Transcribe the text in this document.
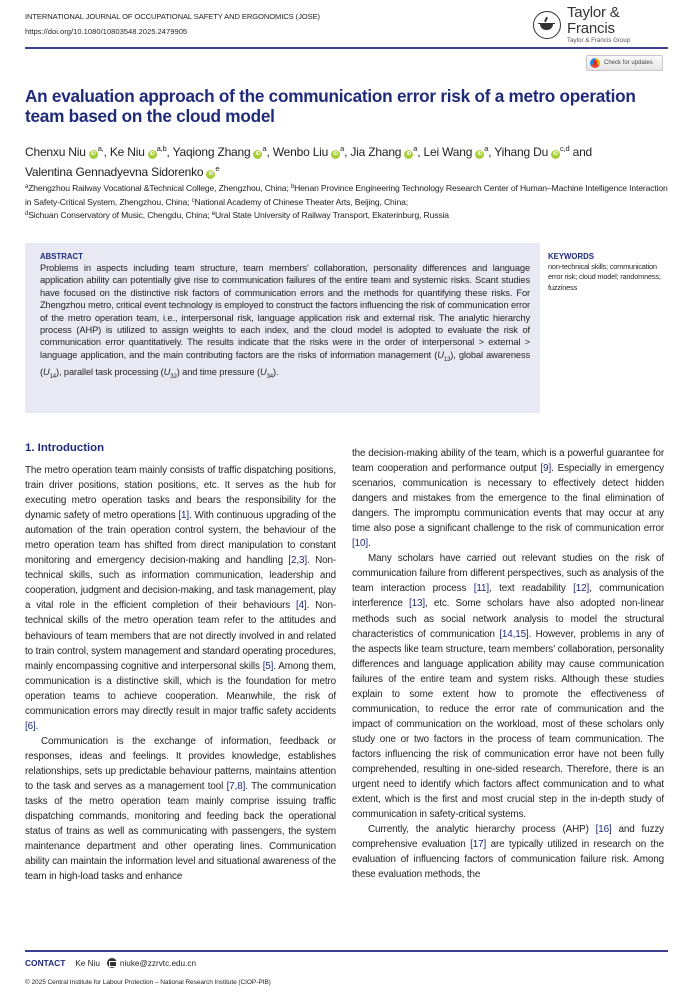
INTERNATIONAL JOURNAL OF OCCUPATIONAL SAFETY AND ERGONOMICS (JOSE)
https://doi.org/10.1080/10803548.2025.2479905
Taylor & Francis
Taylor & Francis Group
Check for updates
An evaluation approach of the communication error risk of a metro operation team based on the cloud model
Chenxu Niu $iD^{a,}$, Ke Niu iD$^{a,b}$, Yaqiong Zhang $iD^a$, Wenbo Liu $iD^a$, Jia Zhang $iD^a$, Lei Wang $iD^a$, Yihang Du iD$^{c,d}$ and
Valentina Gennadyevna Sidorenko $iD^e$
$^a$Zhengzhou Railway Vocational &Technical College, Zhengzhou, China; $^b$Henan Province Engineering Technology Research Center of Human–Machine Intelligence Interaction in Safety-Critical System, Zhengzhou, China; $^c$National Academy of Chinese Theater Arts, Beijing, China;
$^d$Sichuan Conservatory of Music, Chengdu, China; $^e$Ural State University of Railway Transport, Ekaterinburg, Russia
ABSTRACT
Problems in aspects including team structure, team members’ collaboration, personality differences and language application ability can potentially give rise to communication failures of the entire team and systemic risks. Scant studies have focused on the distinctive risk factors of communication errors and the methods for quantifying these risks. For Zhengzhou metro, critical event technology is employed to construct the factors influencing the risk of communication error of the metro operation team, i.e., interpersonal risk, language application risk and external risk. The analytic hierarchy process (AHP) is utilized to assign weights to each index, and the cloud model is adopted to evaluate the risk of communication error quantitatively. The results indicate that the risks were in the order of interpersonal > external > language application, and the main contributing factors are the risks of information management $(U_{13})$, global awareness $(U_{14})$, parallel task processing $(U_{32})$ and time pressure $(U_{34})$.
KEYWORDS
non-technical skills; communication error risk; cloud model; randomness; fuzziness
1. Introduction

The metro operation team mainly consists of traffic dispatching positions, train driver positions, station positions, etc. It serves as the hub for executing metro operation tasks and bears the responsibility for the dynamic safety of metro operations [1]. With continuous upgrading of the automation of the train operation control system, the behaviour of the metro operation team has shifted from direct manipulation to constant monitoring and emergency decision-making and handling [2,3]. Non-technical skills, such as information communication, leadership and cooperation, judgment and decision-making, and task management, play a vital role in the efficient completion of their behaviours [4]. Non-technical skills of the metro operation team refer to the attitudes and behaviours of team members that are not directly involved in and related to train control, system management and standard operating procedures, mainly encompassing cognitive and interpersonal skills [5]. Among them, communication is a distinctive skill, which is the foundation for metro operation teams to achieve cooperation. Meanwhile, the risk of communication errors may directly result in major traffic safety accidents [6].

Communication is the exchange of information, feedback or responses, ideas and feelings. It provides knowledge, establishes relationships, sets up predictable behaviour patterns, maintains attention to the task and serves as a management tool [7,8]. The communication tasks of the metro operation team mainly comprise issuing traffic dispatching commands, monitoring and feeding back the operational status of trains as well as communicating with passengers, the system maintenance department and other operating lines. Communication ability can maintain the information level and situational awareness of the team in high-load tasks and enhance

the decision-making ability of the team, which is a powerful guarantee for team cooperation and performance output [9]. Especially in emergency scenarios, communication is necessary to effectively detect hidden dangers and mistakes from the emergence to the final elimination of dangers. The impromptu communication events that may occur at any time also pose a significant challenge to the risk of communication error [10].

Many scholars have carried out relevant studies on the risk of communication failure from different perspectives, such as analysis of the team interaction process [11], text readability [12], communication interference [13], etc. Some scholars have also adopted non-linear methods such as social network analysis to model the structural characteristics of communication [14,15]. However, problems in any of the aspects like team structure, team members’ collaboration, personality differences and language application ability may cause communication failures of the entire team and system risks. Although these studies explain to some extent how to promote the effectiveness of communication, to reduce the error rate of communication and the impact of communication on the workload, most of these scholars only study one or two factors in the process of team communication. The factors influencing the risk of communication error have not been fully comprehended, resulting in one-sided research. Therefore, there is an urgent need to identify which factors affect communication and to what extent, which is the first and most crucial step in the in-depth study of communication in safety-critical systems.

Currently, the analytic hierarchy process (AHP) [16] and fuzzy comprehensive evaluation [17] are typically utilized in research on the evaluation of influencing factors of communication failure risk. Among these evaluation methods, the

CONTACT Ke Niu niuke@zzrvtc.edu.cn
© 2025 Central Institute for Labour Protection – National Research Institute (CIOP-PIB)
